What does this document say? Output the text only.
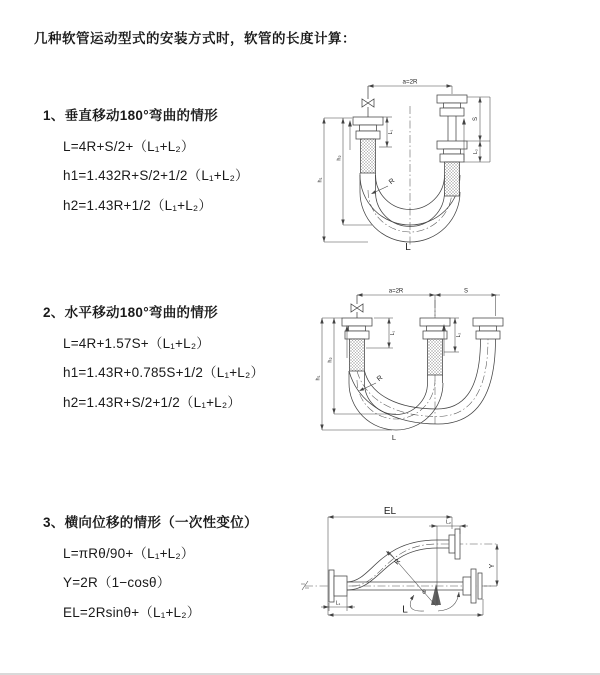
几种软管运动型式的安装方式时，软管的长度计算：
1、垂直移动180°弯曲的情形
L=4R+S/2+（L₁+L₂）
h1=1.432R+S/2+1/2（L₁+L₂）
h2=1.43R+1/2（L₁+L₂）
2、水平移动180°弯曲的情形
L=4R+1.57S+（L₁+L₂）
h1=1.43R+0.785S+1/2（L₁+L₂）
h2=1.43R+S/2+1/2（L₁+L₂）
3、横向位移的情形（一次性变位）
L=πRθ/90+（L₁+L₂）
Y=2R（1−cosθ）
EL=2Rsinθ+（L₁+L₂）
a=2R
L₁
h₁
h₂
S
L₂
R
L
a=2R	S
h₁
h₂
L₁	L₂
R
L
θ
R
EL
L₂
Y
L
L₁
